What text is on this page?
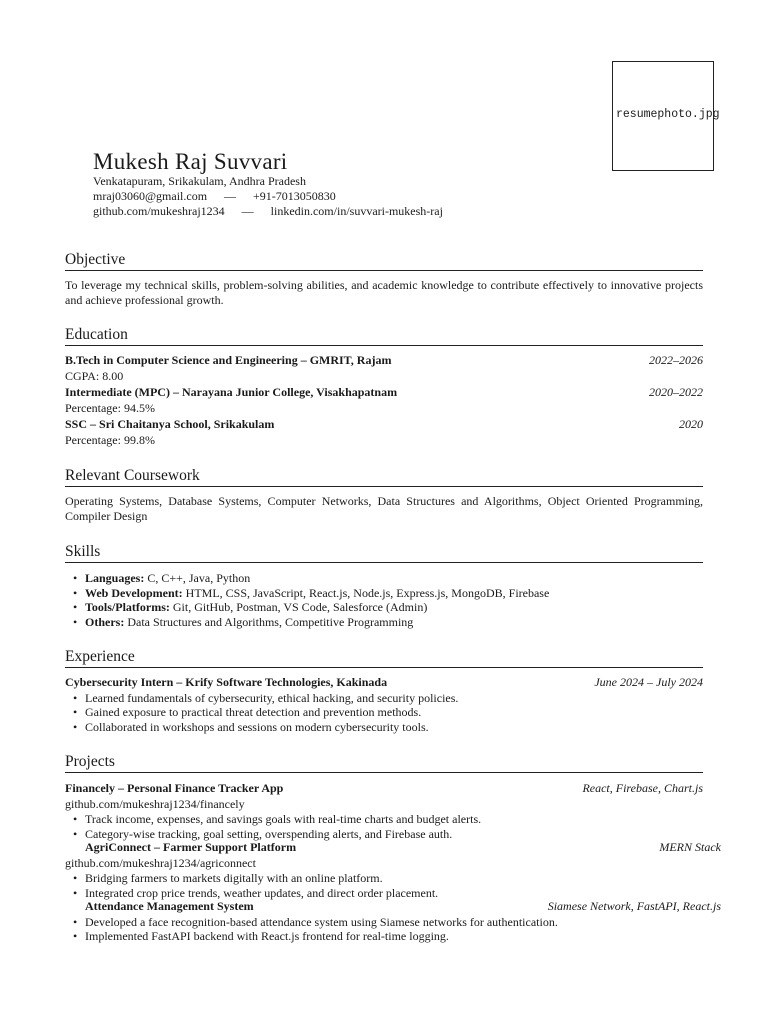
resumephoto.jpg
Mukesh Raj Suvvari
Venkatapuram, Srikakulam, Andhra Pradesh
mraj03060@gmail.com — +91-7013050830
github.com/mukeshraj1234 — linkedin.com/in/suvvari-mukesh-raj
Objective
To leverage my technical skills, problem-solving abilities, and academic knowledge to contribute effectively to innovative projects and achieve professional growth.
Education
B.Tech in Computer Science and Engineering – GMRIT, Rajam	2022–2026
CGPA: 8.00
Intermediate (MPC) – Narayana Junior College, Visakhapatnam	2020–2022
Percentage: 94.5%
SSC – Sri Chaitanya School, Srikakulam	2020
Percentage: 99.8%
Relevant Coursework
Operating Systems, Database Systems, Computer Networks, Data Structures and Algorithms, Object Oriented Programming, Compiler Design
Skills
• Languages: C, C++, Java, Python
• Web Development: HTML, CSS, JavaScript, React.js, Node.js, Express.js, MongoDB, Firebase
• Tools/Platforms: Git, GitHub, Postman, VS Code, Salesforce (Admin)
• Others: Data Structures and Algorithms, Competitive Programming
Experience
Cybersecurity Intern – Krify Software Technologies, Kakinada	June 2024 – July 2024
• Learned fundamentals of cybersecurity, ethical hacking, and security policies.
• Gained exposure to practical threat detection and prevention methods.
• Collaborated in workshops and sessions on modern cybersecurity tools.
Projects
Financely – Personal Finance Tracker App	React, Firebase, Chart.js
github.com/mukeshraj1234/financely
• Track income, expenses, and savings goals with real-time charts and budget alerts.
• Category-wise tracking, goal setting, overspending alerts, and Firebase auth.
AgriConnect – Farmer Support Platform	MERN Stack
github.com/mukeshraj1234/agriconnect
• Bridging farmers to markets digitally with an online platform.
• Integrated crop price trends, weather updates, and direct order placement.
Attendance Management System	Siamese Network, FastAPI, React.js
• Developed a face recognition-based attendance system using Siamese networks for authentication.
• Implemented FastAPI backend with React.js frontend for real-time logging.
